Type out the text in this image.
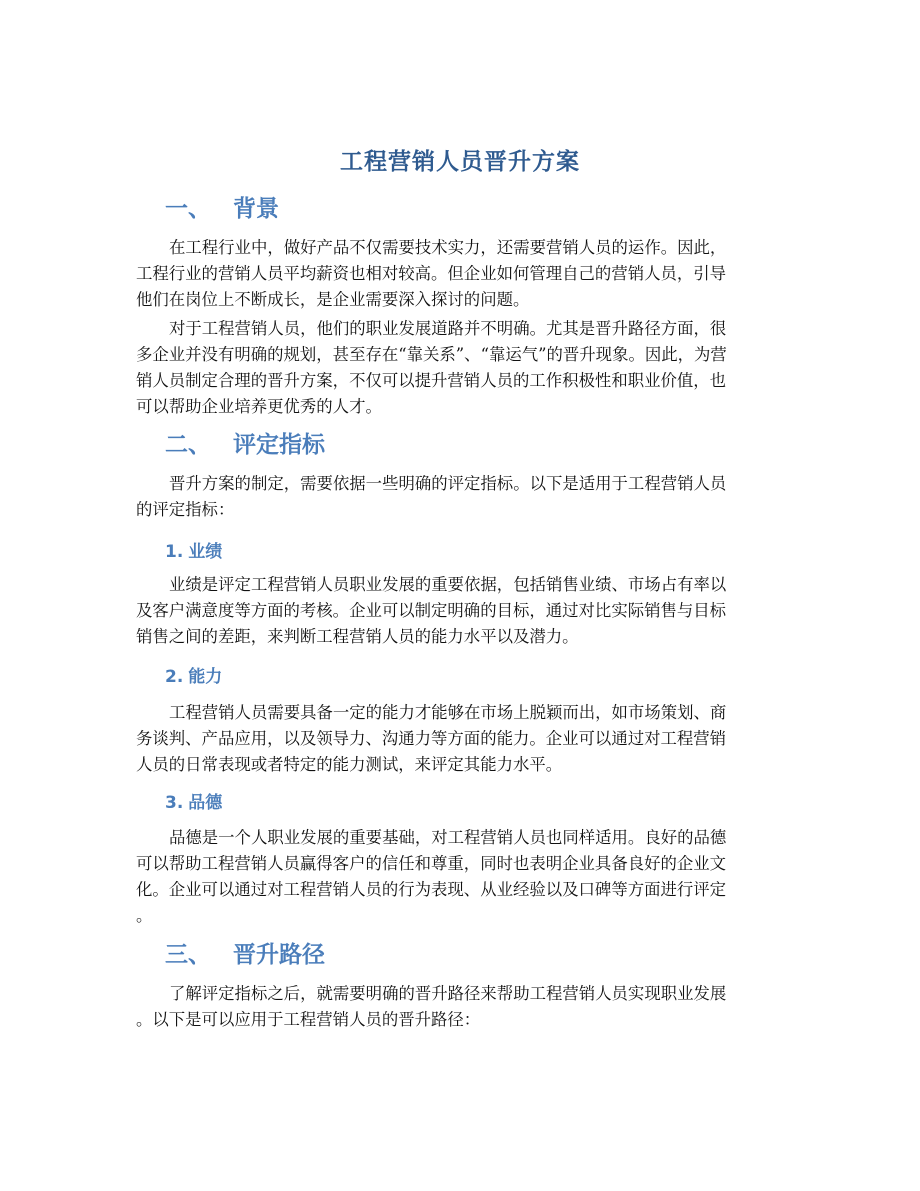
工程营销人员晋升方案
一、 背景

在工程行业中，做好产品不仅需要技术实力，还需要营销人员的运作。因此，
工程行业的营销人员平均薪资也相对较高。但企业如何管理自己的营销人员，引导
他们在岗位上不断成长，是企业需要深入探讨的问题。

对于工程营销人员，他们的职业发展道路并不明确。尤其是晋升路径方面，很
多企业并没有明确的规划，甚至存在“靠关系”、“靠运气”的晋升现象。因此，为营
销人员制定合理的晋升方案，不仅可以提升营销人员的工作积极性和职业价值，也
可以帮助企业培养更优秀的人才。

二、 评定指标

晋升方案的制定，需要依据一些明确的评定指标。以下是适用于工程营销人员
的评定指标：

1. 业绩

业绩是评定工程营销人员职业发展的重要依据，包括销售业绩、市场占有率以
及客户满意度等方面的考核。企业可以制定明确的目标，通过对比实际销售与目标
销售之间的差距，来判断工程营销人员的能力水平以及潜力。

2. 能力

工程营销人员需要具备一定的能力才能够在市场上脱颖而出，如市场策划、商
务谈判、产品应用，以及领导力、沟通力等方面的能力。企业可以通过对工程营销
人员的日常表现或者特定的能力测试，来评定其能力水平。

3. 品德

品德是一个人职业发展的重要基础，对工程营销人员也同样适用。良好的品德
可以帮助工程营销人员赢得客户的信任和尊重，同时也表明企业具备良好的企业文
化。企业可以通过对工程营销人员的行为表现、从业经验以及口碑等方面进行评定
。

三、 晋升路径

了解评定指标之后，就需要明确的晋升路径来帮助工程营销人员实现职业发展
。以下是可以应用于工程营销人员的晋升路径：
